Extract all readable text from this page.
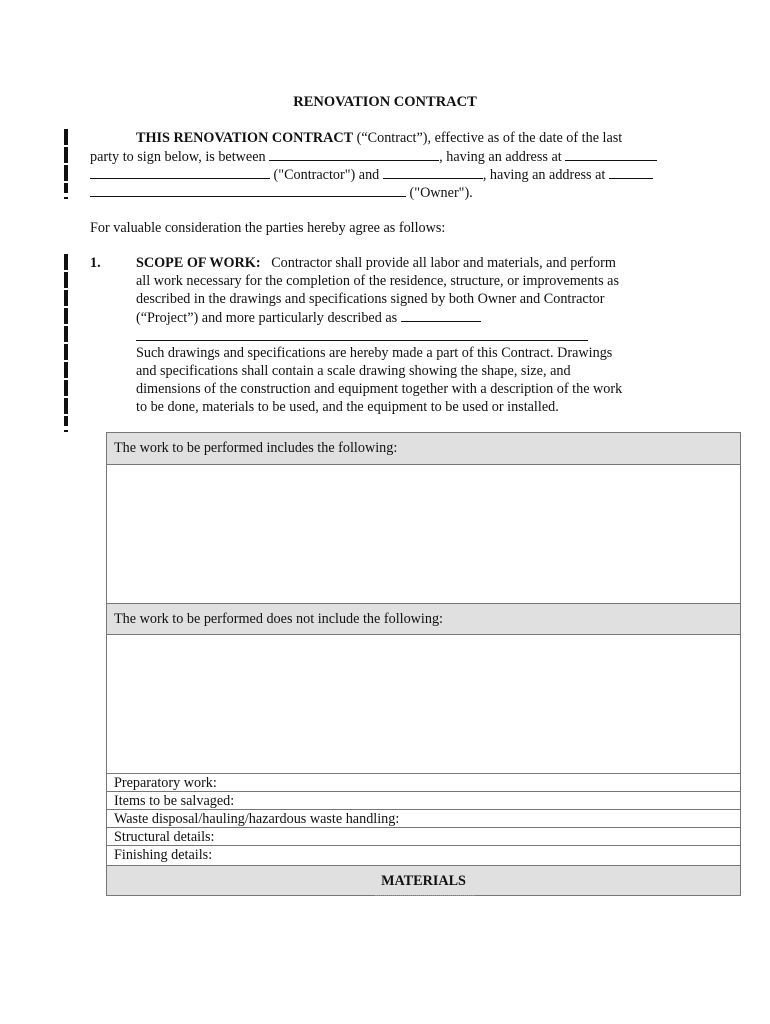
RENOVATION CONTRACT
THIS RENOVATION CONTRACT (“Contract”), effective as of the date of the last
party to sign below, is between	, having an address at
("Contractor") and	, having an address at
("Owner").
For valuable consideration the parties hereby agree as follows:
1. SCOPE OF WORK: Contractor shall provide all labor and materials, and perform
all work necessary for the completion of the residence, structure, or improvements as
described in the drawings and specifications signed by both Owner and Contractor
(“Project”) and more particularly described as
Such drawings and specifications are hereby made a part of this Contract. Drawings
and specifications shall contain a scale drawing showing the shape, size, and
dimensions of the construction and equipment together with a description of the work
to be done, materials to be used, and the equipment to be used or installed.
The work to be performed includes the following:
The work to be performed does not include the following:
Preparatory work:
Items to be salvaged:
Waste disposal/hauling/hazardous waste handling:
Structural details:
Finishing details:
MATERIALS
